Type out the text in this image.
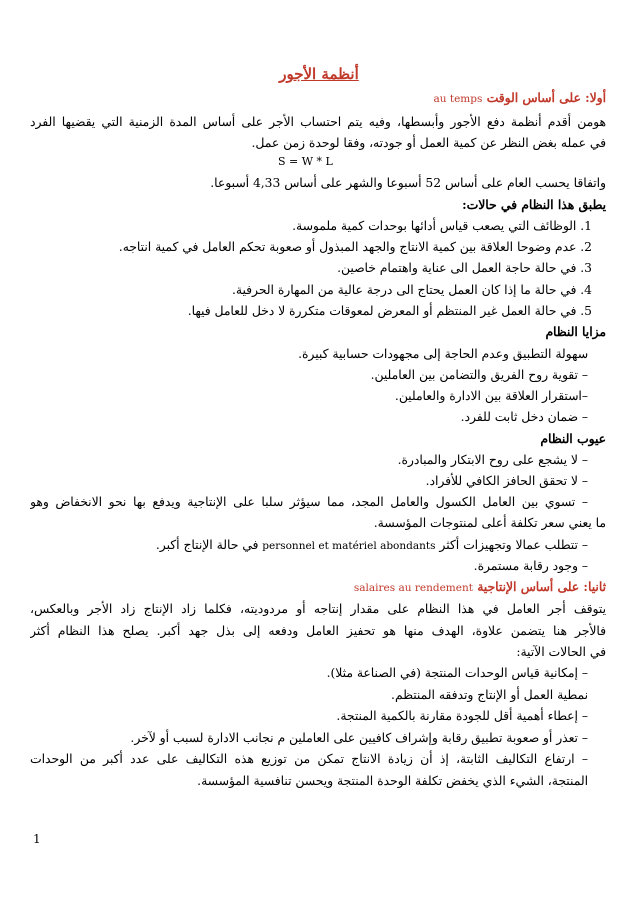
أنظمة الأجور
أولا: على أساس الوقت au temps
هومن أقدم أنظمة دفع الأجور وأبسطها، وفيه يتم احتساب الأجر على أساس المدة الزمنية التي يقضيها الفرد
في عمله بغض النظر عن كمية العمل أو جودته، وفقا لوحدة زمن عمل.
S = W * L
واتفاقا يحسب العام على أساس 52 أسبوعا والشهر على أساس 4,33 أسبوعا.
يطبق هذا النظام في حالات:
1. الوظائف التي يصعب قياس أدائها بوحدات كمية ملموسة.
2. عدم وضوحا العلاقة بين كمية الانتاج والجهد المبذول أو صعوبة تحكم العامل في كمية انتاجه.
3. في حالة حاجة العمل الى عناية واهتمام خاصين.
4. في حالة ما إذا كان العمل يحتاج الى درجة عالية من المهارة الحرفية.
5. في حالة العمل غير المنتظم أو المعرض لمعوقات متكررة لا دخل للعامل فيها.
مزايا النظام
سهولة التطبيق وعدم الحاجة إلى مجهودات حسابية كبيرة.
– تقوية روح الفريق والتضامن بين العاملين.
–استقرار العلاقة بين الادارة والعاملين.
– ضمان دخل ثابت للفرد.
عيوب النظام
– لا يشجع على روح الابتكار والمبادرة.
– لا تحقق الحافز الكافي للأفراد.
– تسوي بين العامل الكسول والعامل المجد، مما سيؤثر سلبا على الإنتاجية ويدفع بها نحو الانخفاض وهو
ما يعني سعر تكلفة أعلى لمنتوجات المؤسسة.
– تتطلب عمالا وتجهيزات أكثر personnel et matériel abondants في حالة الإنتاج أكبر.
– وجود رقابة مستمرة.
ثانيا: على أساس الإنتاجية salaires au rendement
يتوقف أجر العامل في هذا النظام على مقدار إنتاجه أو مردوديته، فكلما زاد الإنتاج زاد الأجر وبالعكس،
فالأجر هنا يتضمن علاوة، الهدف منها هو تحفيز العامل ودفعه إلى بذل جهد أكبر. يصلح هذا النظام أكثر
في الحالات الآتية:
– إمكانية قياس الوحدات المنتجة (في الصناعة مثلا).
نمطية العمل أو الإنتاج وتدفقه المنتظم.
– إعطاء أهمية أقل للجودة مقارنة بالكمية المنتجة.
– تعذر أو صعوبة تطبيق رقابة وإشراف كافيين على العاملين م نجانب الادارة لسبب أو لآخر.
– ارتفاع التكاليف الثابتة، إذ أن زيادة الانتاج تمكن من توزيع هذه التكاليف على عدد أكبر من الوحدات
المنتجة، الشيء الذي يخفض تكلفة الوحدة المنتجة ويحسن تنافسية المؤسسة.
1
